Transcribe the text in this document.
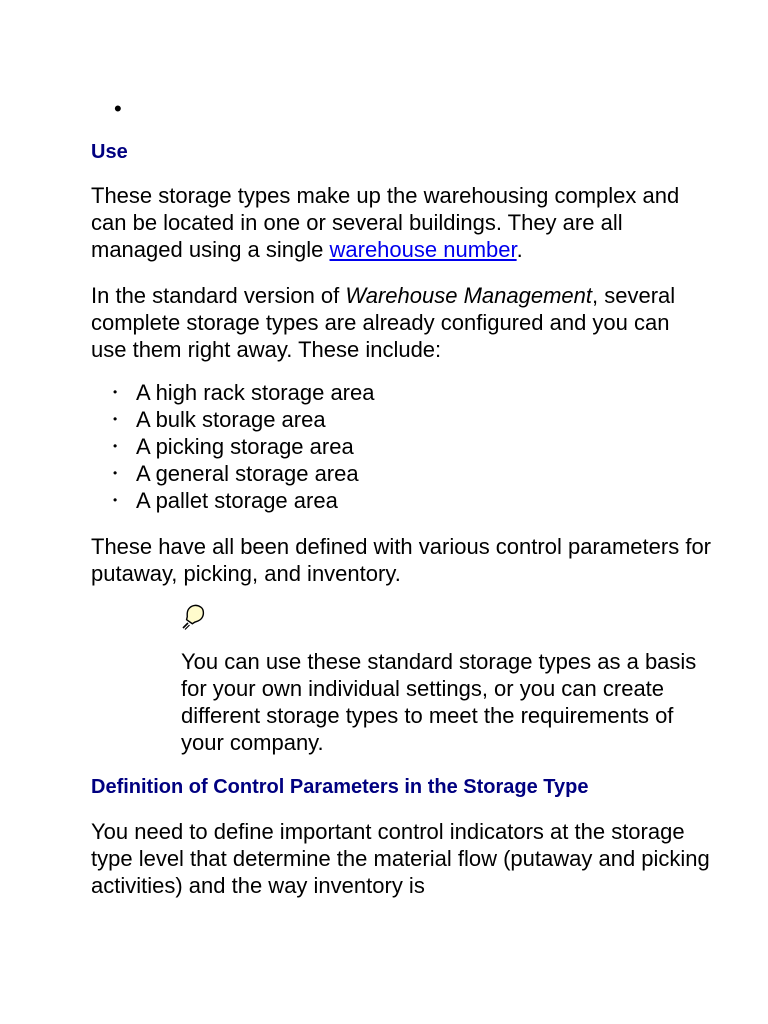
•
Use

These storage types make up the warehousing complex and can be located in one or several buildings. They are all managed using a single warehouse number.

In the standard version of Warehouse Management, several complete storage types are already configured and you can use them right away. These include:

• A high rack storage area
• A bulk storage area
• A picking storage area
• A general storage area
• A pallet storage area

These have all been defined with various control parameters for putaway, picking, and inventory.

You can use these standard storage types as a basis for your own individual settings, or you can create different storage types to meet the requirements of your company.

Definition of Control Parameters in the Storage Type

You need to define important control indicators at the storage type level that determine the material flow (putaway and picking activities) and the way inventory is
